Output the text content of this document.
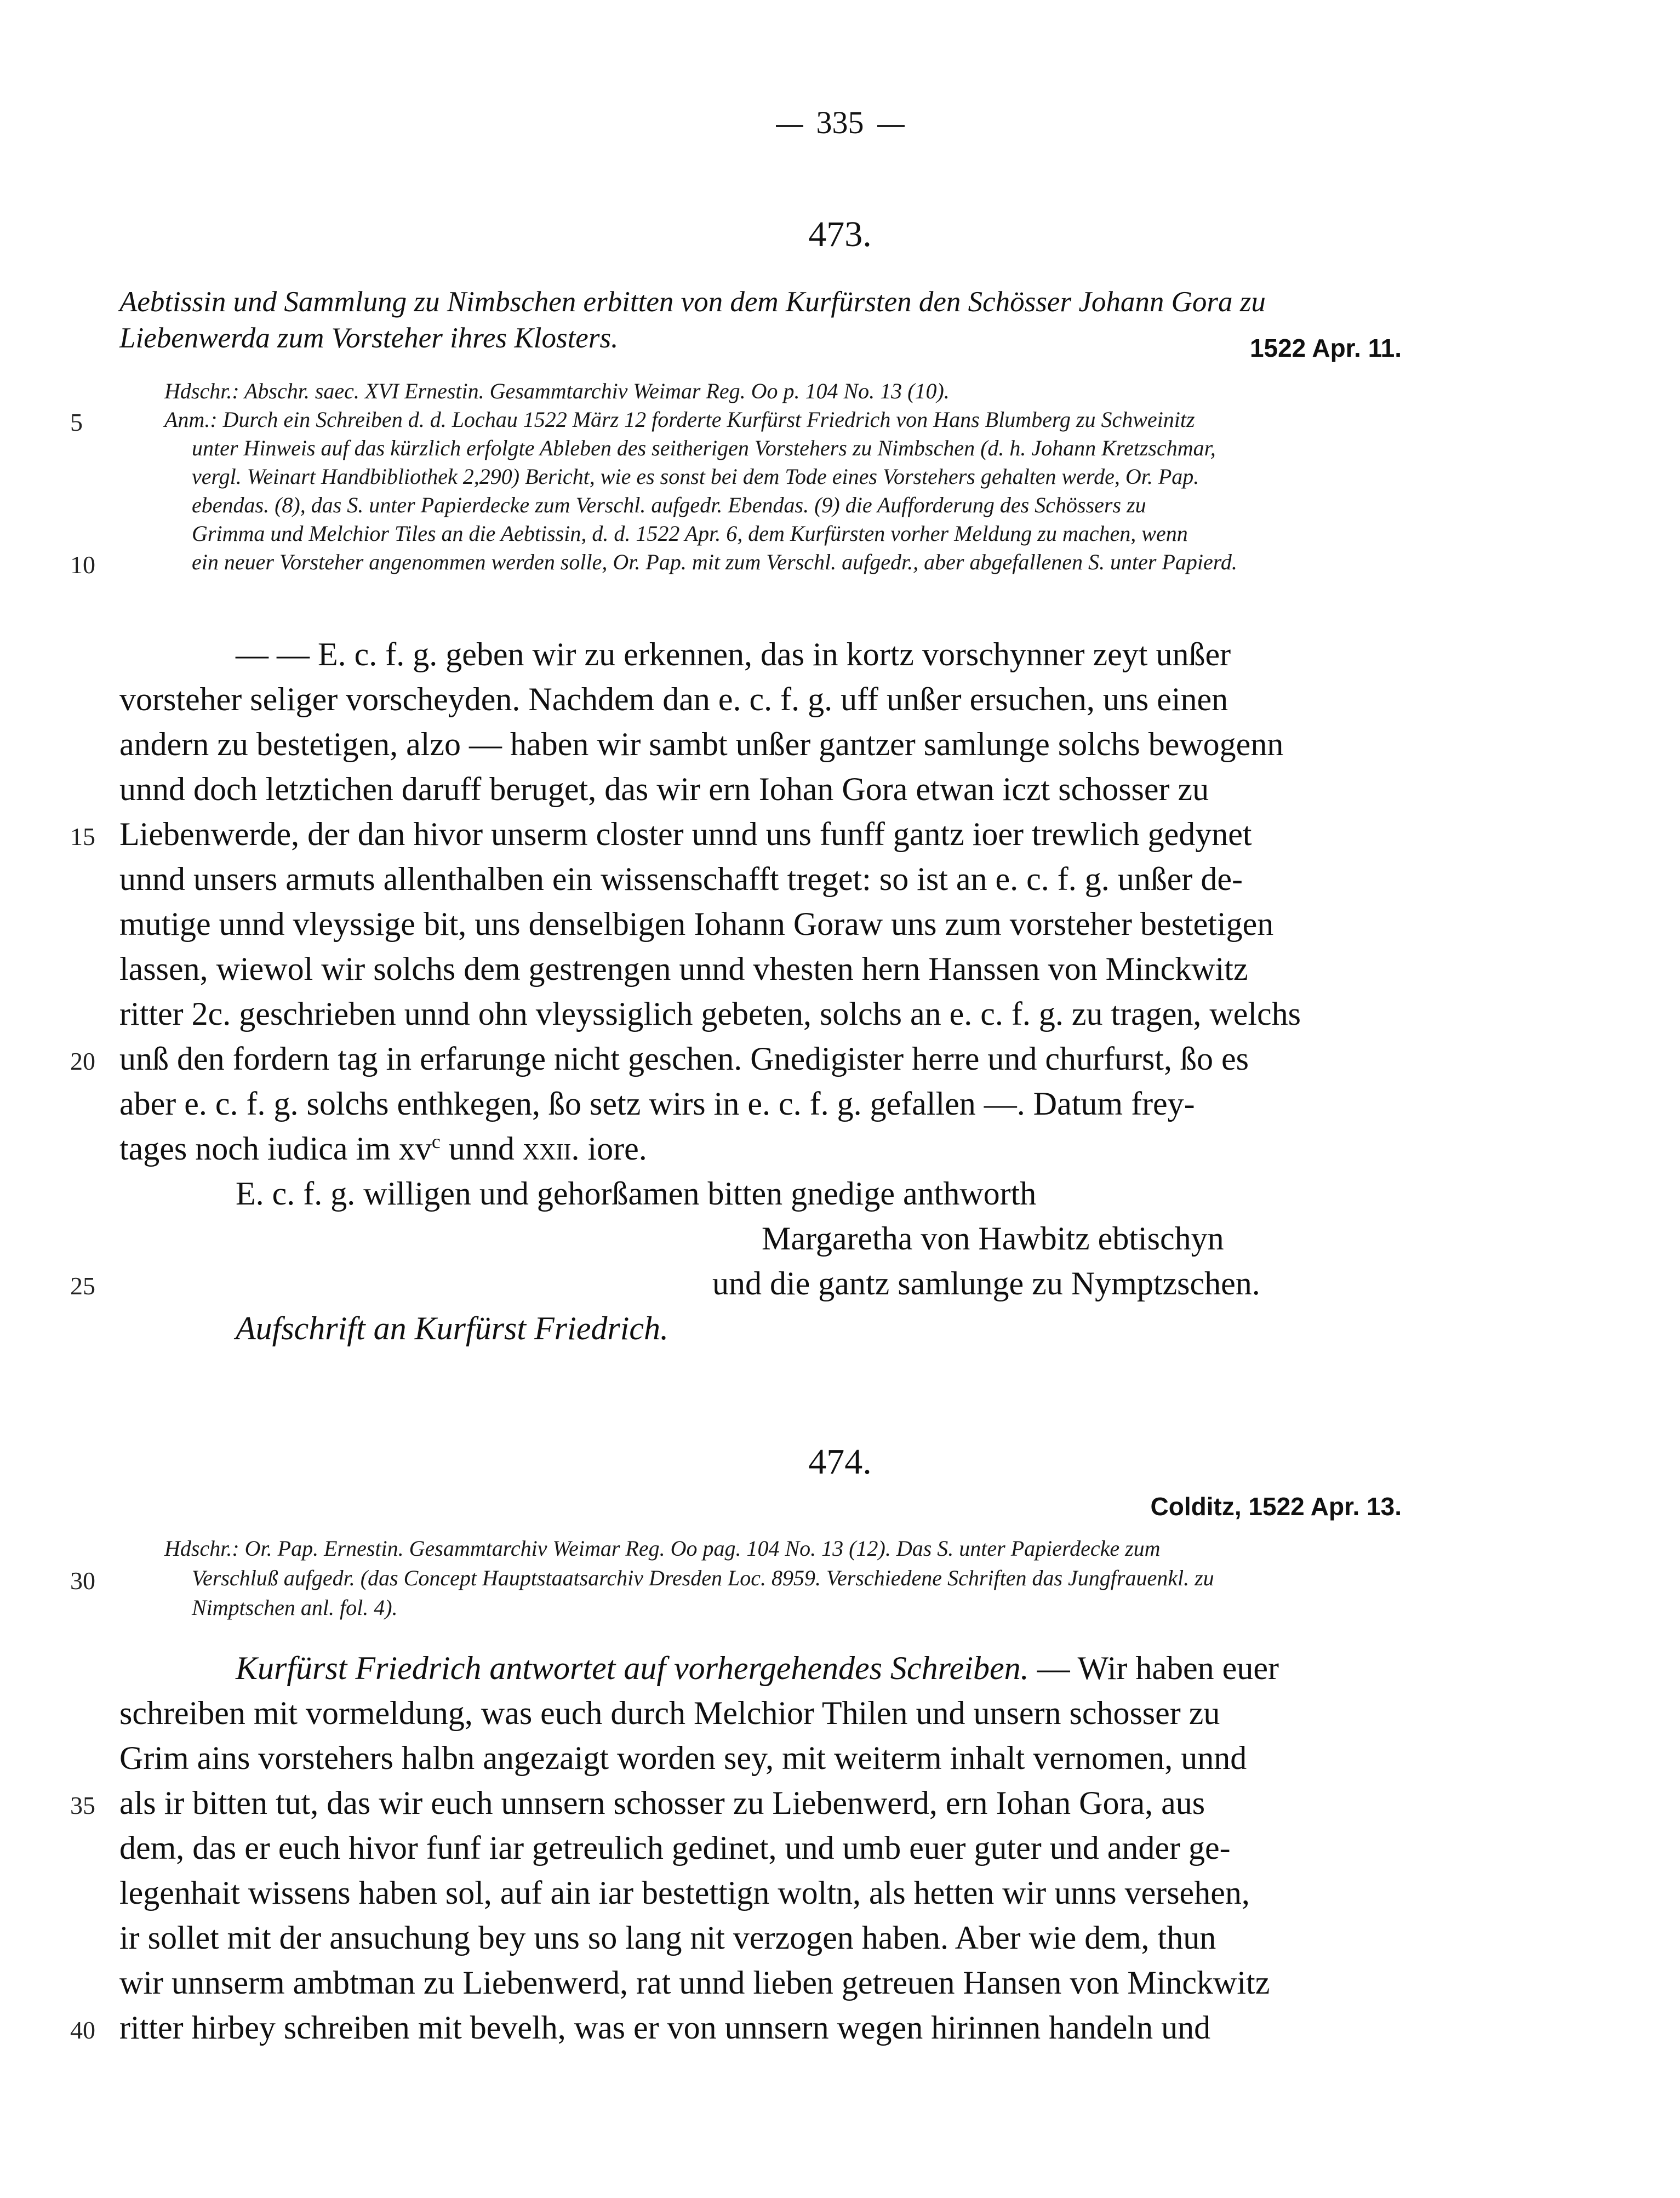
335
473.
Aebtissin und Sammlung zu Nimbschen erbitten von dem Kurfürsten den Schösser Johann Gora zu
Liebenwerda zum Vorsteher ihres Klosters.	1522 Apr. 11.
Hdschr.: Abschr. saec. XVI Ernestin. Gesammtarchiv Weimar Reg. Oo p. 104 No. 13 (10).
Anm.: Durch ein Schreiben d. d. Lochau 1522 März 12 forderte Kurfürst Friedrich von Hans Blumberg zu Schweinitz
unter Hinweis auf das kürzlich erfolgte Ableben des seitherigen Vorstehers zu Nimbschen (d. h. Johann Kretzschmar,
vergl. Weinart Handbibliothek 2,290) Bericht, wie es sonst bei dem Tode eines Vorstehers gehalten werde, Or. Pap.
ebendas. (8), das S. unter Papierdecke zum Verschl. aufgedr. Ebendas. (9) die Aufforderung des Schössers zu
Grimma und Melchior Tiles an die Aebtissin, d. d. 1522 Apr. 6, dem Kurfürsten vorher Meldung zu machen, wenn
ein neuer Vorsteher angenommen werden solle, Or. Pap. mit zum Verschl. aufgedr., aber abgefallenen S. unter Papierd.
— — E. c. f. g. geben wir zu erkennen, das in kortz vorschynner zeyt unßer
vorsteher seliger vorscheyden. Nachdem dan e. c. f. g. uff unßer ersuchen, uns einen
andern zu bestetigen, alzo — haben wir sambt unßer gantzer samlunge solchs bewogenn
unnd doch letztichen daruff beruget, das wir ern Iohan Gora etwan iczt schosser zu
Liebenwerde, der dan hivor unserm closter unnd uns funff gantz ioer trewlich gedynet
unnd unsers armuts allenthalben ein wissenschafft treget: so ist an e. c. f. g. unßer de-
mutige unnd vleyssige bit, uns denselbigen Iohann Goraw uns zum vorsteher bestetigen
lassen, wiewol wir solchs dem gestrengen unnd vhesten hern Hanssen von Minckwitz
ritter 2c. geschrieben unnd ohn vleyssiglich gebeten, solchs an e. c. f. g. zu tragen, welchs
unß den fordern tag in erfarunge nicht geschen. Gnedigister herre und churfurst, ßo es
aber e. c. f. g. solchs enthkegen, ßo setz wirs in e. c. f. g. gefallen —. Datum frey-
tages noch iudica im $xv^c$ unnd xxii. iore.
E. c. f. g. willigen und gehorßamen bitten gnedige anthworth
Margaretha von Hawbitz ebtischyn
und die gantz samlunge zu Nymptzschen.
Aufschrift an Kurfürst Friedrich.
474.
Colditz, 1522 Apr. 13.
Hdschr.: Or. Pap. Ernestin. Gesammtarchiv Weimar Reg. Oo pag. 104 No. 13 (12). Das S. unter Papierdecke zum
Verschluß aufgedr. (das Concept Hauptstaatsarchiv Dresden Loc. 8959. Verschiedene Schriften das Jungfrauenkl. zu
Nimptschen anl. fol. 4).
Kurfürst Friedrich antwortet auf vorhergehendes Schreiben. — Wir haben euer
schreiben mit vormeldung, was euch durch Melchior Thilen und unsern schosser zu
Grim ains vorstehers halbn angezaigt worden sey, mit weiterm inhalt vernomen, unnd
als ir bitten tut, das wir euch unnsern schosser zu Liebenwerd, ern Iohan Gora, aus
dem, das er euch hivor funf iar getreulich gedinet, und umb euer guter und ander ge-
legenhait wissens haben sol, auf ain iar bestettign woltn, als hetten wir unns versehen,
ir sollet mit der ansuchung bey uns so lang nit verzogen haben. Aber wie dem, thun
wir unnserm ambtman zu Liebenwerd, rat unnd lieben getreuen Hansen von Minckwitz
ritter hirbey schreiben mit bevelh, was er von unnsern wegen hirinnen handeln und
5
10
15
20
25
30
35
40
